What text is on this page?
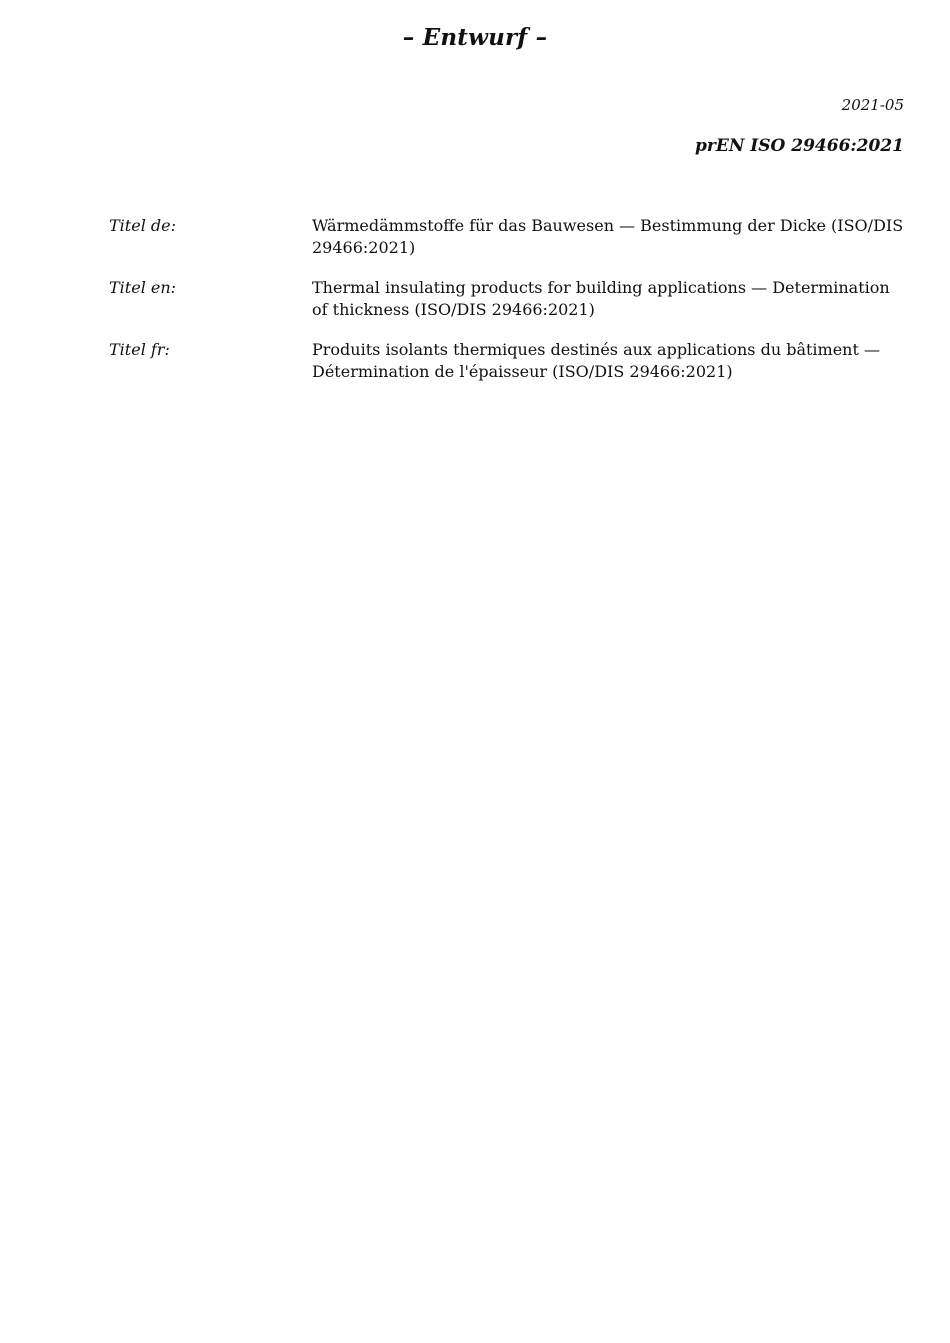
– Entwurf –
2021-05
prEN ISO 29466:2021
Titel de:	Wärmedämmstoffe für das Bauwesen — Bestimmung der Dicke (ISO/DIS 29466:2021)
Titel en:	Thermal insulating products for building applications — Determination of thickness (ISO/DIS 29466:2021)
Titel fr:	Produits isolants thermiques destinés aux applications du bâtiment — Détermination de l'épaisseur (ISO/DIS 29466:2021)
